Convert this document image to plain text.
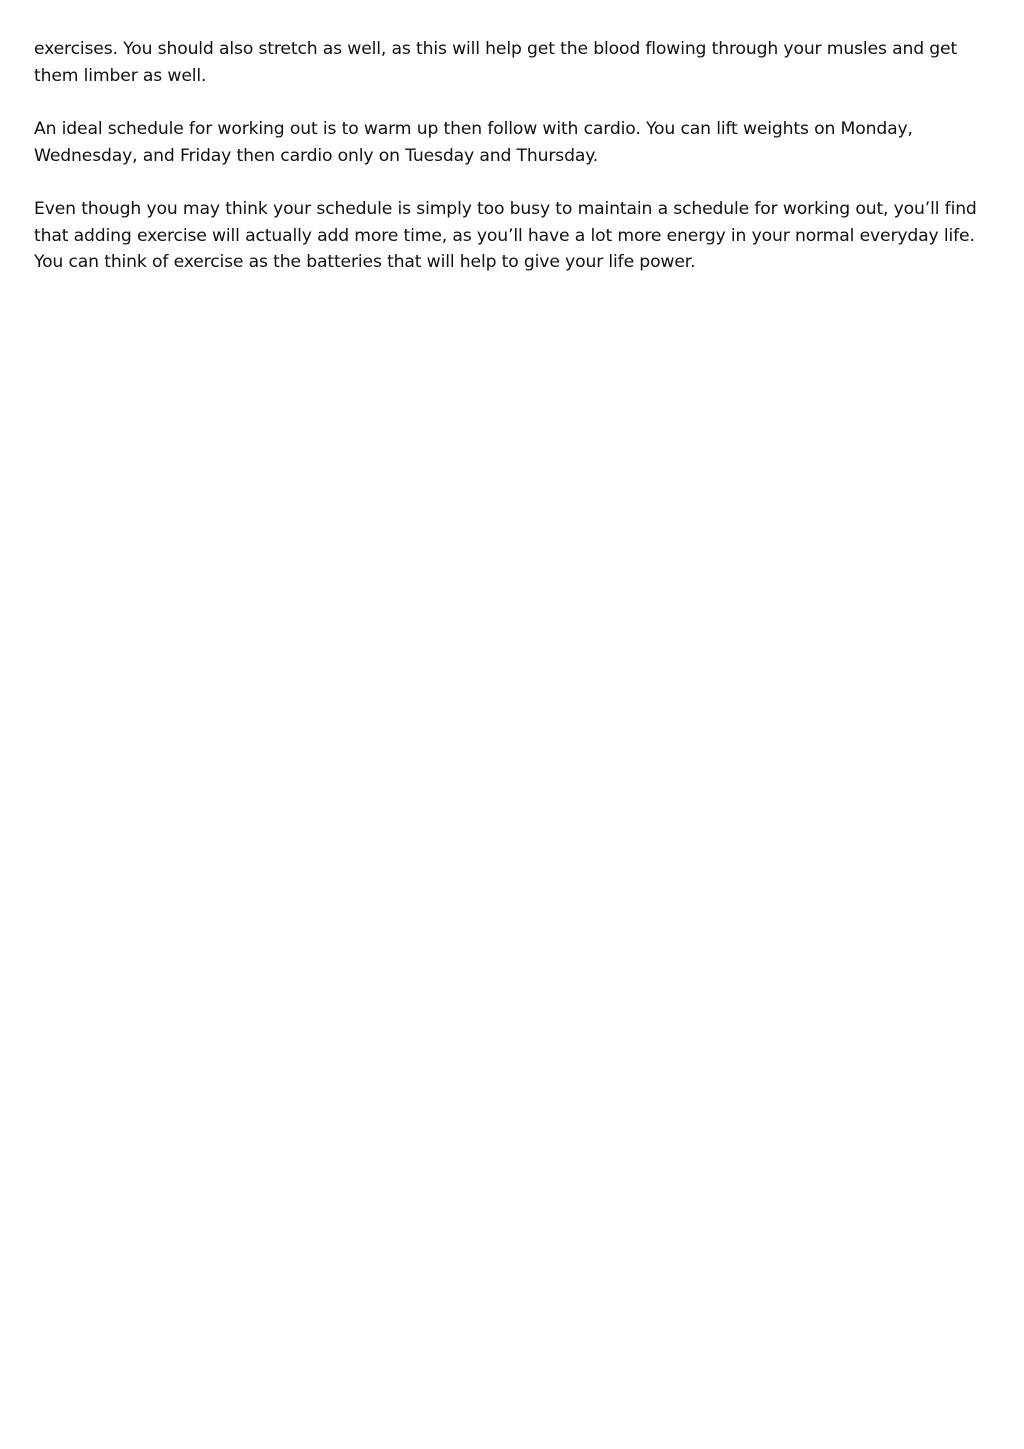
exercises. You should also stretch as well, as this will help get the blood flowing through your musles and get them limber as well.

An ideal schedule for working out is to warm up then follow with cardio. You can lift weights on Monday, Wednesday, and Friday then cardio only on Tuesday and Thursday.

Even though you may think your schedule is simply too busy to maintain a schedule for working out, you’ll find that adding exercise will actually add more time, as you’ll have a lot more energy in your normal everyday life. You can think of exercise as the batteries that will help to give your life power.
